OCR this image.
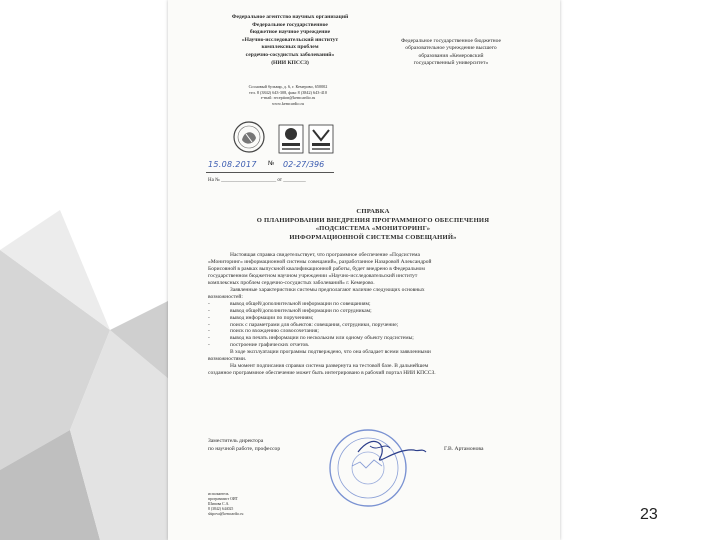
Федеральное агентство научных организаций
Федеральное государственное
бюджетное научное учреждение
«Научно-исследовательский институт
комплексных проблем
сердечно-сосудистых заболеваний»
(НИИ КПССЗ)
Сосновый бульвар, д. 6, г. Кемерово, 650002
тел. 8 (3842) 643-308, факс 8 (3842) 643-410
e-mail: reception@kemcardio.ru
www.kemcardio.ru
Федеральное государственное бюджетное
образовательное учреждение высшего
образования «Кемеровский
государственный университет»
15.08.2017 № 02-27/396
На № ______________________ от _________
СПРАВКА
О ПЛАНИРОВАНИИ ВНЕДРЕНИЯ ПРОГРАММНОГО ОБЕСПЕЧЕНИЯ
«ПОДСИСТЕМА «МОНИТОРИНГ»
ИНФОРМАЦИОННОЙ СИСТЕМЫ СОВЕЩАНИЙ»
Настоящая справка свидетельствует, что программное обеспечение «Подсистема
«Мониторинг» информационной системы совещаний», разработанное Назаровой Александрой
Борисовной в рамках выпускной квалификационной работы, будет внедрено в Федеральном
государственном бюджетном научном учреждении «Научно-исследовательский институт
комплексных проблем сердечно-сосудистых заболеваний» г. Кемерово.
Заявленные характеристики системы предполагают наличие следующих основных
возможностей:
-	вывод общей/дополнительной информации по совещаниям;
-	вывод общей/дополнительной информации по сотрудникам;
-	вывод информации по поручениям;
-	поиск с параметрами для объектов: совещания, сотрудники, поручение;
-	поиск по вхождению словосочетания;
-	вывод на печать информации по нескольким или одному объекту подсистемы;
-	построение графических отчетов.
В ходе эксплуатации программы подтверждено, что она обладает всеми заявленными
возможностями.
На момент подписания справки система развернута на тестовой базе. В дальнейшем
созданное программное обеспечение может быть интегрировано в рабочий портал НИИ КПССЗ.
Заместитель директора
по научной работе, профессор	Г.В. Артамонова
исполнитель
программист ОИТ
Шипова С.А.
8 (3842) 644025
shipova@kemcardio.ru	23
